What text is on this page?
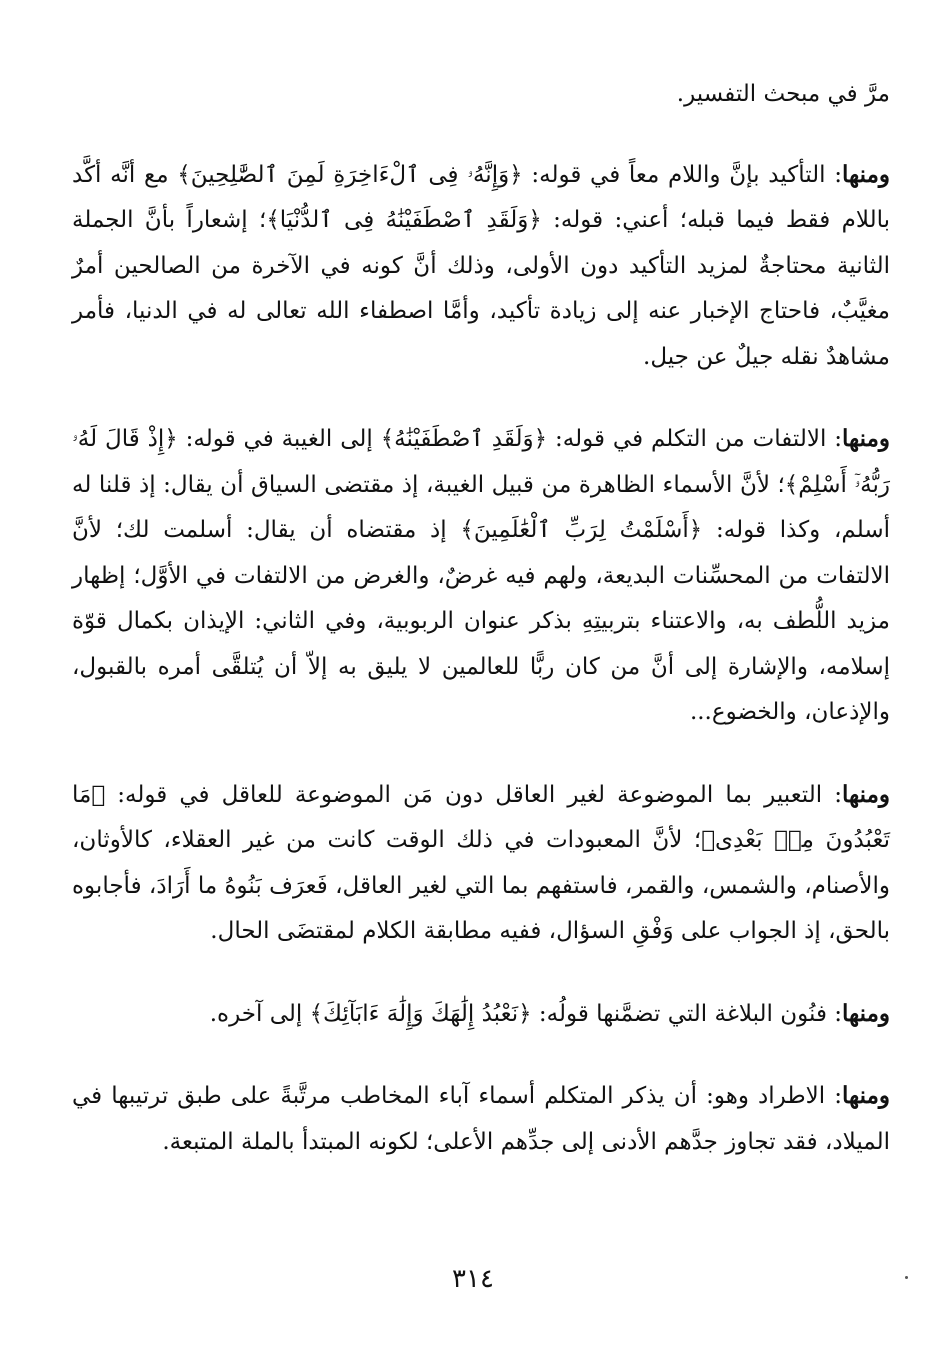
مرَّ في مبحث التفسير.

ومنها: التأكيد بإنَّ واللام معاً في قوله: ﴿وَإِنَّهُۥ فِى ٱلْءَاخِرَةِ لَمِنَ ٱلصَّٰلِحِينَ﴾ مع أنَّه أكَّد باللام فقط فيما قبله؛ أعني: قوله: ﴿وَلَقَدِ ٱصْطَفَيْنَٰهُ فِى ٱلدُّنْيَا﴾؛ إشعاراً بأنَّ الجملة الثانية محتاجةٌ لمزيد التأكيد دون الأولى، وذلك أنَّ كونه في الآخرة من الصالحين أمرٌ مغيَّبٌ، فاحتاج الإخبار عنه إلى زيادة تأكيد، وأمَّا اصطفاء الله تعالى له في الدنيا، فأمر مشاهدٌ نقله جيلٌ عن جيل.

ومنها: الالتفات من التكلم في قوله: ﴿وَلَقَدِ ٱصْطَفَيْنَٰهُ﴾ إلى الغيبة في قوله: ﴿إِذْ قَالَ لَهُۥ رَبُّهُۥٓ أَسْلِمْ﴾؛ لأنَّ الأسماء الظاهرة من قبيل الغيبة، إذ مقتضى السياق أن يقال: إذ قلنا له أسلم، وكذا قوله: ﴿أَسْلَمْتُ لِرَبِّ ٱلْعَٰلَمِينَ﴾ إذ مقتضاه أن يقال: أسلمت لك؛ لأنَّ الالتفات من المحسِّنات البديعة، ولهم فيه غرضٌ، والغرض من الالتفات في الأوَّل؛ إظهار مزيد اللُّطف به، والاعتناء بتربيتِهِ بذكر عنوان الربوبية، وفي الثاني: الإيذان بكمال قوّة إسلامه، والإشارة إلى أنَّ من كان ربًّا للعالمين لا يليق به إلاّ أن يُتلقَّى أمره بالقبول، والإذعان، والخضوع...

ومنها: التعبير بما الموضوعة لغير العاقل دون مَن الموضوعة للعاقل في قوله: ﴿مَا تَعْبُدُونَ مِنۢ بَعْدِى﴾؛ لأنَّ المعبودات في ذلك الوقت كانت من غير العقلاء، كالأوثان، والأصنام، والشمس، والقمر، فاستفهم بما التي لغير العاقل، فَعرَف بَنُوهُ ما أَرَادَ، فأجابوه بالحق، إذ الجواب على وَفْقِ السؤال، ففيه مطابقة الكلام لمقتضَى الحال.

ومنها: فنُون البلاغة التي تضمَّنها قولُه: ﴿نَعْبُدُ إِلَٰهَكَ وَإِلَٰهَ ءَابَآئِكَ﴾ إلى آخره.

ومنها: الاطراد وهو: أن يذكر المتكلم أسماء آباء المخاطب مرتَّبةً على طبق ترتيبها في الميلاد، فقد تجاوز جدَّهم الأدنى إلى جدِّهم الأعلى؛ لكونه المبتدأ بالملة المتبعة.

٣١٤
